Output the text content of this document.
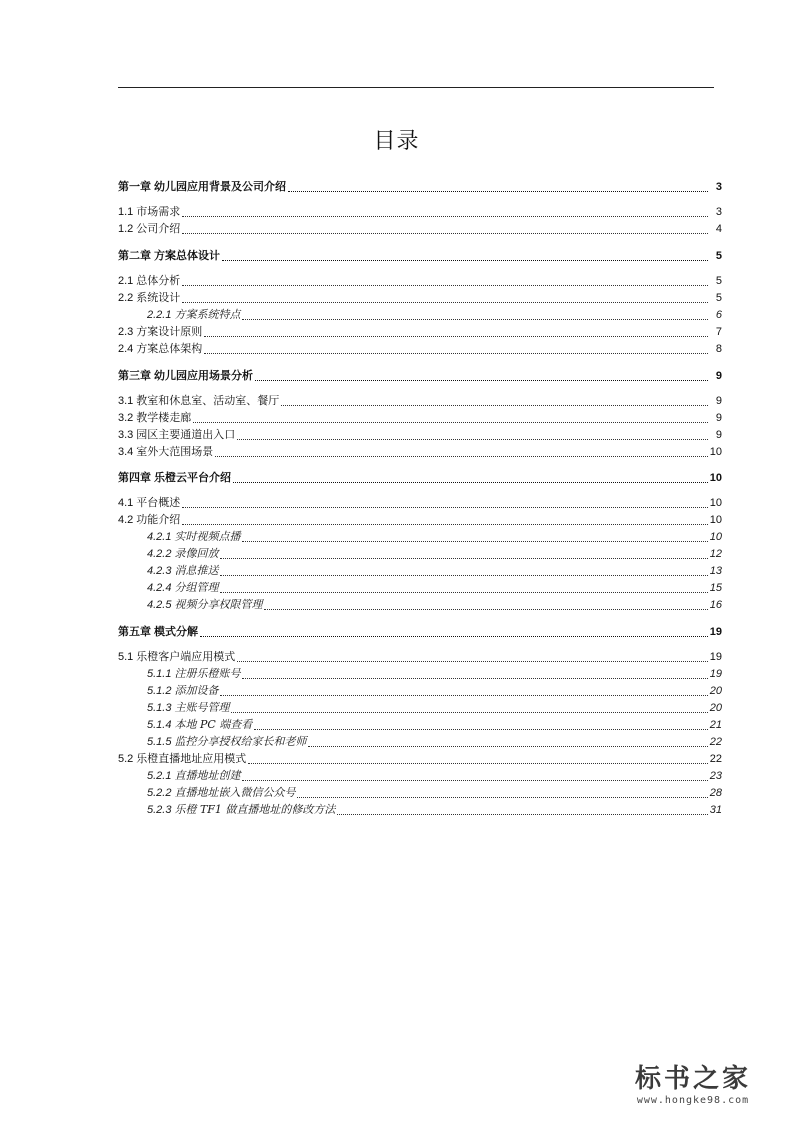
目录
第一章 幼儿园应用背景及公司介绍	3
1.1 市场需求	3
1.2 公司介绍	4
第二章 方案总体设计	5
2.1 总体分析	5
2.2 系统设计	5
2.2.1 方案系统特点	6
2.3 方案设计原则	7
2.4 方案总体架构	8
第三章 幼儿园应用场景分析	9
3.1 教室和休息室、活动室、餐厅	9
3.2 教学楼走廊	9
3.3 园区主要通道出入口	9
3.4 室外大范围场景	10
第四章 乐橙云平台介绍	10
4.1 平台概述	10
4.2 功能介绍	10
4.2.1 实时视频点播	10
4.2.2 录像回放	12
4.2.3 消息推送	13
4.2.4 分组管理	15
4.2.5 视频分享权限管理	16
第五章 模式分解	19
5.1 乐橙客户端应用模式	19
5.1.1 注册乐橙账号	19
5.1.2 添加设备	20
5.1.3 主账号管理	20
5.1.4 本地 PC 端查看	21
5.1.5 监控分享授权给家长和老师	22
5.2 乐橙直播地址应用模式	22
5.2.1 直播地址创建	23
5.2.2 直播地址嵌入微信公众号	28
5.2.3 乐橙 TF1 做直播地址的修改方法	31
标书之家
www.hongke98.com
